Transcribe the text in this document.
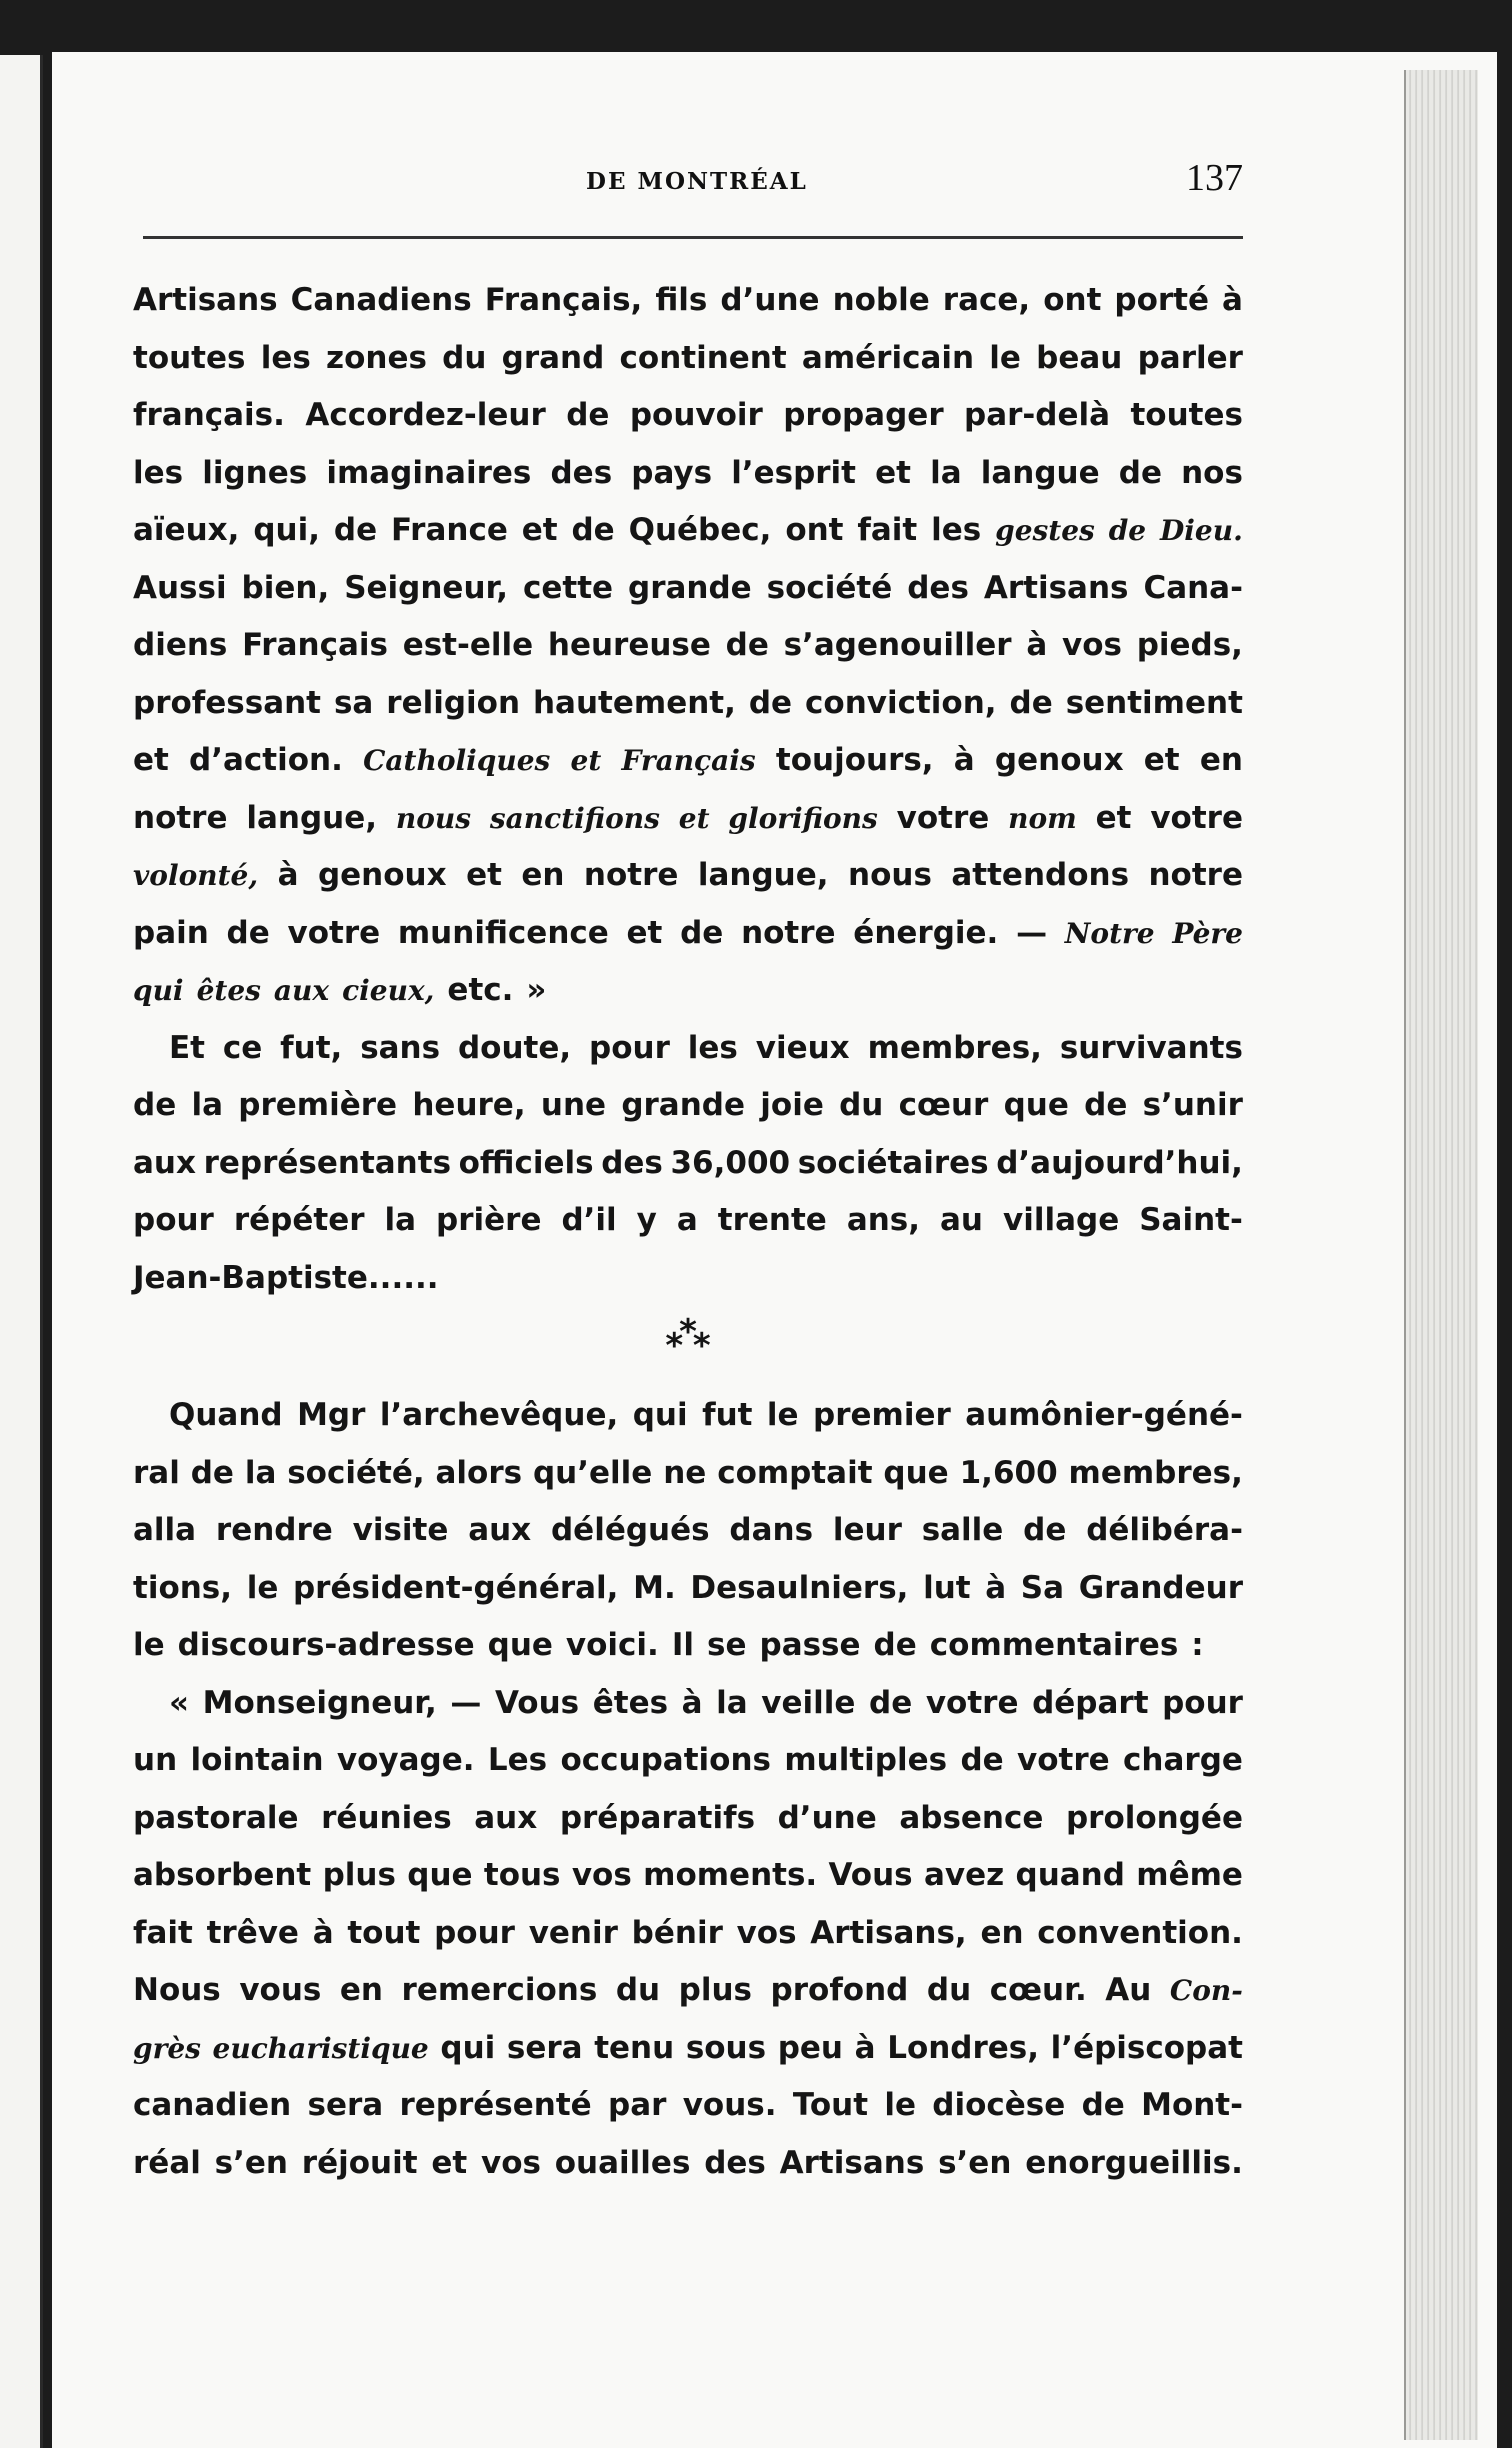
DE MONTRÉAL	137
Artisans Canadiens Français, fils d’une noble race, ont porté à
toutes les zones du grand continent américain le beau parler
français. Accordez-leur de pouvoir propager par-delà toutes
les lignes imaginaires des pays l’esprit et la langue de nos
aïeux, qui, de France et de Québec, ont fait les gestes de Dieu.
Aussi bien, Seigneur, cette grande société des Artisans Cana-
diens Français est-elle heureuse de s’agenouiller à vos pieds,
professant sa religion hautement, de conviction, de sentiment
et d’action. Catholiques et Français toujours, à genoux et en
notre langue, nous sanctifions et glorifions votre nom et votre
volonté, à genoux et en notre langue, nous attendons notre
pain de votre munificence et de notre énergie. — Notre Père
qui êtes aux cieux, etc. »
Et ce fut, sans doute, pour les vieux membres, survivants
de la première heure, une grande joie du cœur que de s’unir
aux représentants officiels des 36,000 sociétaires d’aujourd’hui,
pour répéter la prière d’il y a trente ans, au village Saint-
Jean-Baptiste......
*
*
*
Quand Mgr l’archevêque, qui fut le premier aumônier-géné-
ral de la société, alors qu’elle ne comptait que 1,600 membres,
alla rendre visite aux délégués dans leur salle de délibéra-
tions, le président-général, M. Desaulniers, lut à Sa Grandeur
le discours-adresse que voici. Il se passe de commentaires :
« Monseigneur, — Vous êtes à la veille de votre départ pour
un lointain voyage. Les occupations multiples de votre charge
pastorale réunies aux préparatifs d’une absence prolongée
absorbent plus que tous vos moments. Vous avez quand même
fait trêve à tout pour venir bénir vos Artisans, en convention.
Nous vous en remercions du plus profond du cœur. Au Con-
grès eucharistique qui sera tenu sous peu à Londres, l’épiscopat
canadien sera représenté par vous. Tout le diocèse de Mont-
réal s’en réjouit et vos ouailles des Artisans s’en enorgueillis.
